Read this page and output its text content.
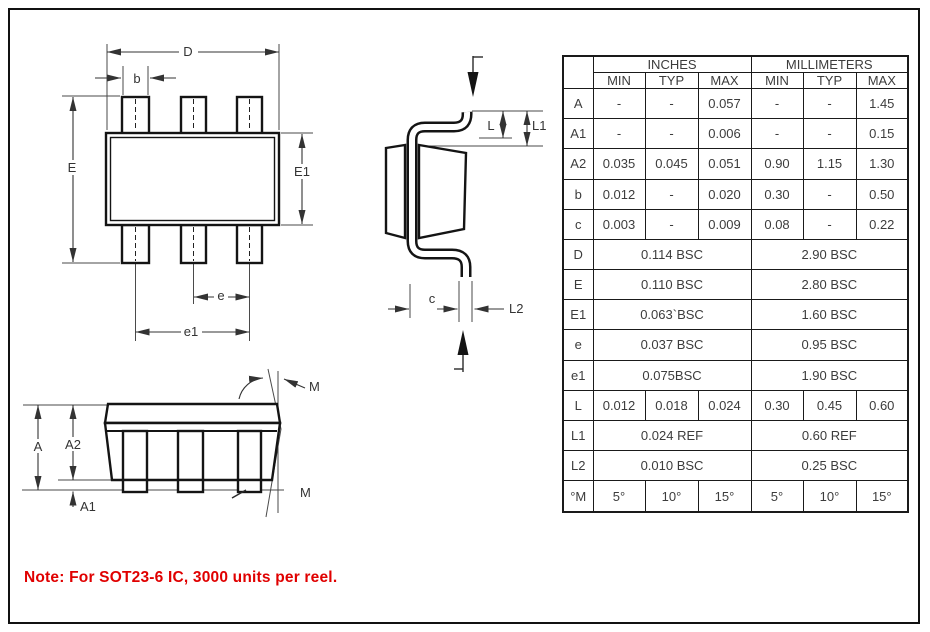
D
b
E	E1
e
e1
L	L1
c
L2
A A2
A1
M
M
	INCHES			MILLIMETERS		
	MIN	TYP	MAX	MIN	TYP	MAX
A	-	-	0.057	-	-	1.45
A1	-	-	0.006	-	-	0.15
A2	0.035	0.045	0.051	0.90	1.15	1.30
b	0.012	-	0.020	0.30	-	0.50
c	0.003	-	0.009	0.08	-	0.22
D	0.114 BSC			2.90 BSC		
E	0.110 BSC			2.80 BSC		
E1	0.063`BSC			1.60 BSC		
e	0.037 BSC			0.95 BSC		
e1	0.075BSC			1.90 BSC		
L	0.012	0.018	0.024	0.30	0.45	0.60
L1	0.024 REF			0.60 REF		
L2	0.010 BSC			0.25 BSC		
°M	5°	10°	15°	5°	10°	15°
Note: For SOT23-6 IC, 3000 units per reel.
